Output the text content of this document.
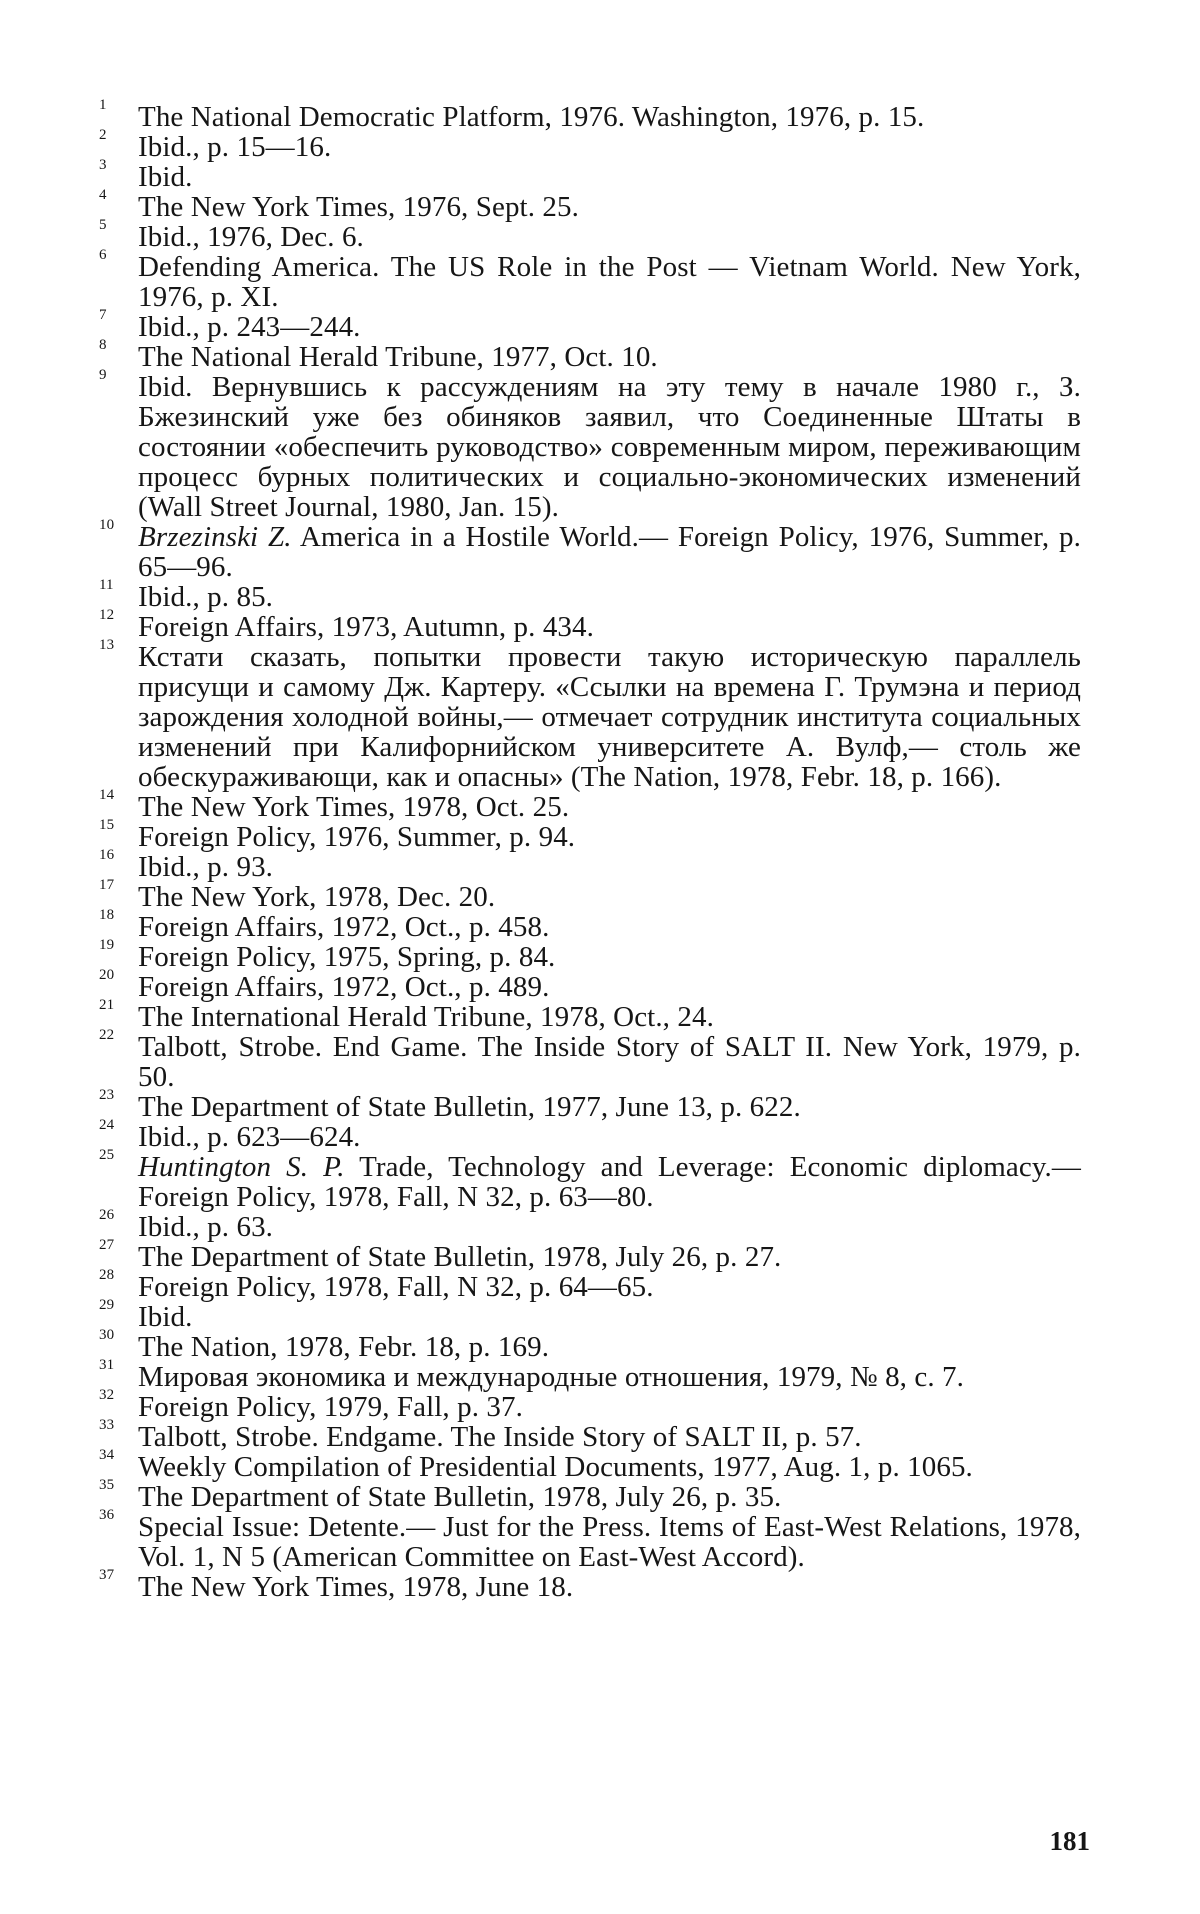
1	The National Democratic Platform, 1976. Washington, 1976, p. 15.
2	Ibid., p. 15—16.
3	Ibid.
4	The New York Times, 1976, Sept. 25.
5	Ibid., 1976, Dec. 6.
6	Defending America. The US Role in the Post — Vietnam World. New York, 1976, p. XI.
7	Ibid., p. 243—244.
8	The National Herald Tribune, 1977, Oct. 10.
9	Ibid. Вернувшись к рассуждениям на эту тему в начале 1980 г., З. Бжезинский уже без обиняков заявил, что Соединенные Штаты в состоянии «обеспечить руководство» современным миром, переживающим процесс бурных политических и социально-экономических изменений (Wall Street Journal, 1980, Jan. 15).
10 Brzezinski Z. America in a Hostile World.— Foreign Policy, 1976, Summer, p. 65—96.
11 Ibid., p. 85.
12 Foreign Affairs, 1973, Autumn, p. 434.
13 Кстати сказать, попытки провести такую историческую параллель присущи и самому Дж. Картеру. «Ссылки на времена Г. Трумэна и период зарождения холодной войны,— отмечает сотрудник института социальных изменений при Калифорнийском университете А. Вулф,— столь же обескураживающи, как и опасны» (The Nation, 1978, Febr. 18, p. 166).
14 The New York Times, 1978, Oct. 25.
15 Foreign Policy, 1976, Summer, p. 94.
16 Ibid., p. 93.
17 The New York, 1978, Dec. 20.
18 Foreign Affairs, 1972, Oct., p. 458.
19 Foreign Policy, 1975, Spring, p. 84.
20 Foreign Affairs, 1972, Oct., p. 489.
21 The International Herald Tribune, 1978, Oct., 24.
22 Talbott, Strobe. End Game. The Inside Story of SALT II. New York, 1979, p. 50.
23 The Department of State Bulletin, 1977, June 13, p. 622.
24 Ibid., p. 623—624.
25 Huntington S. P. Trade, Technology and Leverage: Economic diplomacy.— Foreign Policy, 1978, Fall, N 32, p. 63—80.
26 Ibid., p. 63.
27 The Department of State Bulletin, 1978, July 26, p. 27.
28 Foreign Policy, 1978, Fall, N 32, p. 64—65.
29 Ibid.
30 The Nation, 1978, Febr. 18, p. 169.
31 Мировая экономика и международные отношения, 1979, № 8, с. 7.
32 Foreign Policy, 1979, Fall, p. 37.
33 Talbott, Strobe. Endgame. The Inside Story of SALT II, p. 57.
34 Weekly Compilation of Presidential Documents, 1977, Aug. 1, p. 1065.
35 The Department of State Bulletin, 1978, July 26, p. 35.
36 Special Issue: Detente.— Just for the Press. Items of East-West Relations, 1978, Vol. 1, N 5 (American Committee on East-West Accord).
37 The New York Times, 1978, June 18.
181
